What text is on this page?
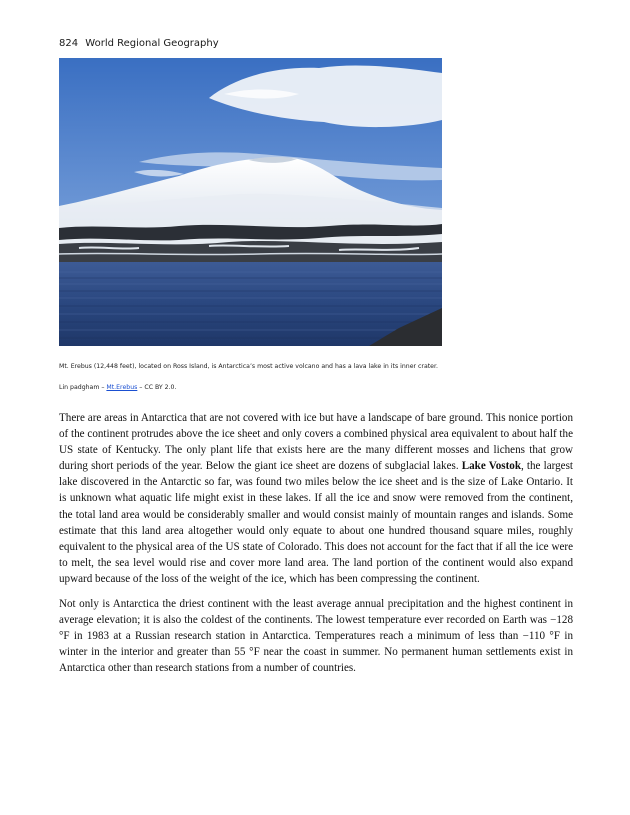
824 World Regional Geography
Mt. Erebus (12,448 feet), located on Ross Island, is Antarctica’s most active volcano and has a lava lake in its inner crater.
Lin padgham – Mt.Erebus – CC BY 2.0.

There are areas in Antarctica that are not covered with ice but have a landscape of bare ground. This nonice portion of the continent protrudes above the ice sheet and only covers a combined physical area equivalent to about half the US state of Kentucky. The only plant life that exists here are the many different mosses and lichens that grow during short periods of the year. Below the giant ice sheet are dozens of subglacial lakes. Lake Vostok, the largest lake discovered in the Antarctic so far, was found two miles below the ice sheet and is the size of Lake Ontario. It is unknown what aquatic life might exist in these lakes. If all the ice and snow were removed from the continent, the total land area would be considerably smaller and would consist mainly of mountain ranges and islands. Some estimate that this land area altogether would only equate to about one hundred thousand square miles, roughly equivalent to the physical area of the US state of Colorado. This does not account for the fact that if all the ice were to melt, the sea level would rise and cover more land area. The land portion of the continent would also expand upward because of the loss of the weight of the ice, which has been compressing the continent.

Not only is Antarctica the driest continent with the least average annual precipitation and the highest continent in average elevation; it is also the coldest of the continents. The lowest temperature ever recorded on Earth was −128 °F in 1983 at a Russian research station in Antarctica. Temperatures reach a minimum of less than −110 °F in winter in the interior and greater than 55 °F near the coast in summer. No permanent human settlements exist in Antarctica other than research stations from a number of countries.
